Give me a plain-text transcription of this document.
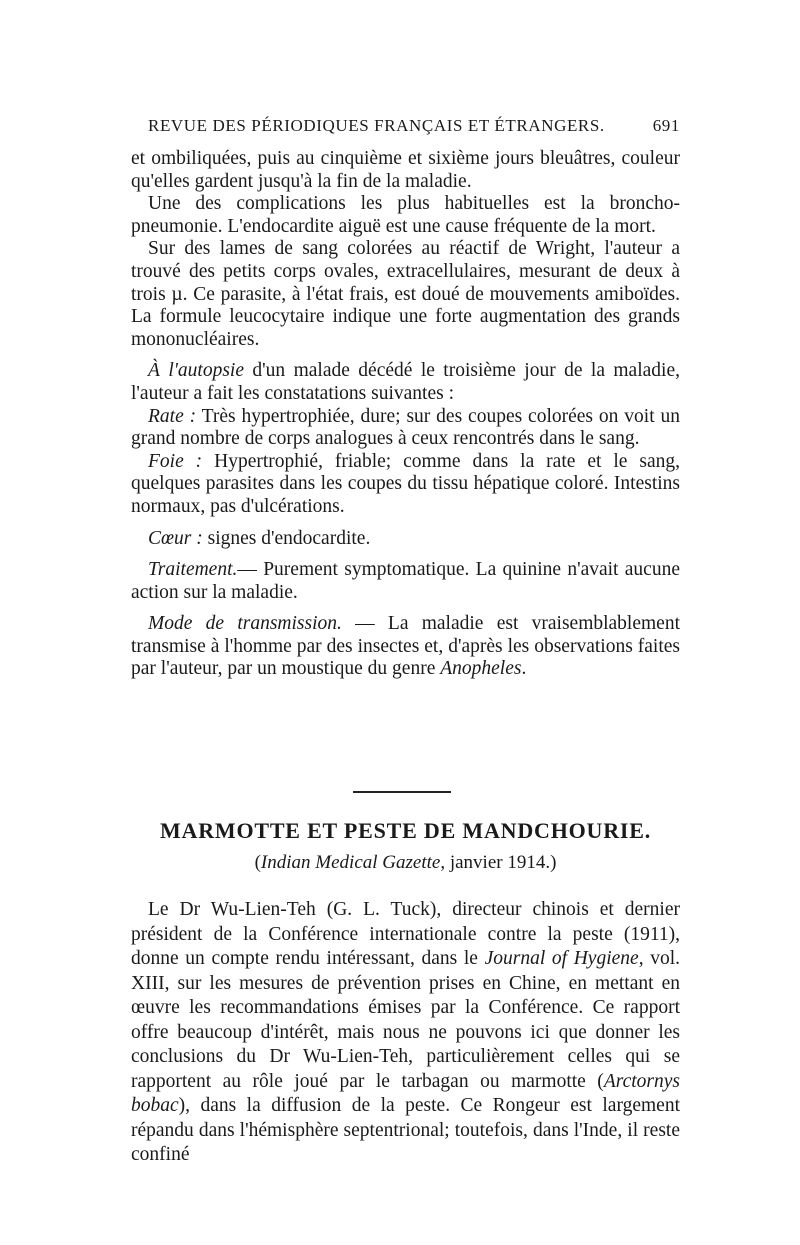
REVUE DES PÉRIODIQUES FRANÇAIS ET ÉTRANGERS.	691

et ombiliquées, puis au cinquième et sixième jours bleuâtres, couleur qu'elles gardent jusqu'à la fin de la maladie.

Une des complications les plus habituelles est la broncho-pneumonie. L'endocardite aiguë est une cause fréquente de la mort.

Sur des lames de sang colorées au réactif de Wright, l'auteur a trouvé des petits corps ovales, extracellulaires, mesurant de deux à trois µ. Ce parasite, à l'état frais, est doué de mouvements amiboïdes. La formule leucocytaire indique une forte augmentation des grands mononucléaires.

À l'autopsie d'un malade décédé le troisième jour de la maladie, l'auteur a fait les constatations suivantes :

Rate : Très hypertrophiée, dure; sur des coupes colorées on voit un grand nombre de corps analogues à ceux rencontrés dans le sang.

Foie : Hypertrophié, friable; comme dans la rate et le sang, quelques parasites dans les coupes du tissu hépatique coloré. Intestins normaux, pas d'ulcérations.

Cœur : signes d'endocardite.

Traitement.— Purement symptomatique. La quinine n'avait aucune action sur la maladie.

Mode de transmission. — La maladie est vraisemblablement transmise à l'homme par des insectes et, d'après les observations faites par l'auteur, par un moustique du genre Anopheles.

MARMOTTE ET PESTE DE MANDCHOURIE.
(Indian Medical Gazette, janvier 1914.)

Le Dr Wu-Lien-Teh (G. L. Tuck), directeur chinois et dernier président de la Conférence internationale contre la peste (1911), donne un compte rendu intéressant, dans le Journal of Hygiene, vol. XIII, sur les mesures de prévention prises en Chine, en mettant en œuvre les recommandations émises par la Conférence. Ce rapport offre beaucoup d'intérêt, mais nous ne pouvons ici que donner les conclusions du Dr Wu-Lien-Teh, particulièrement celles qui se rapportent au rôle joué par le tarbagan ou marmotte (Arctornys bobac), dans la diffusion de la peste. Ce Rongeur est largement répandu dans l'hémisphère septentrional; toutefois, dans l'Inde, il reste confiné
